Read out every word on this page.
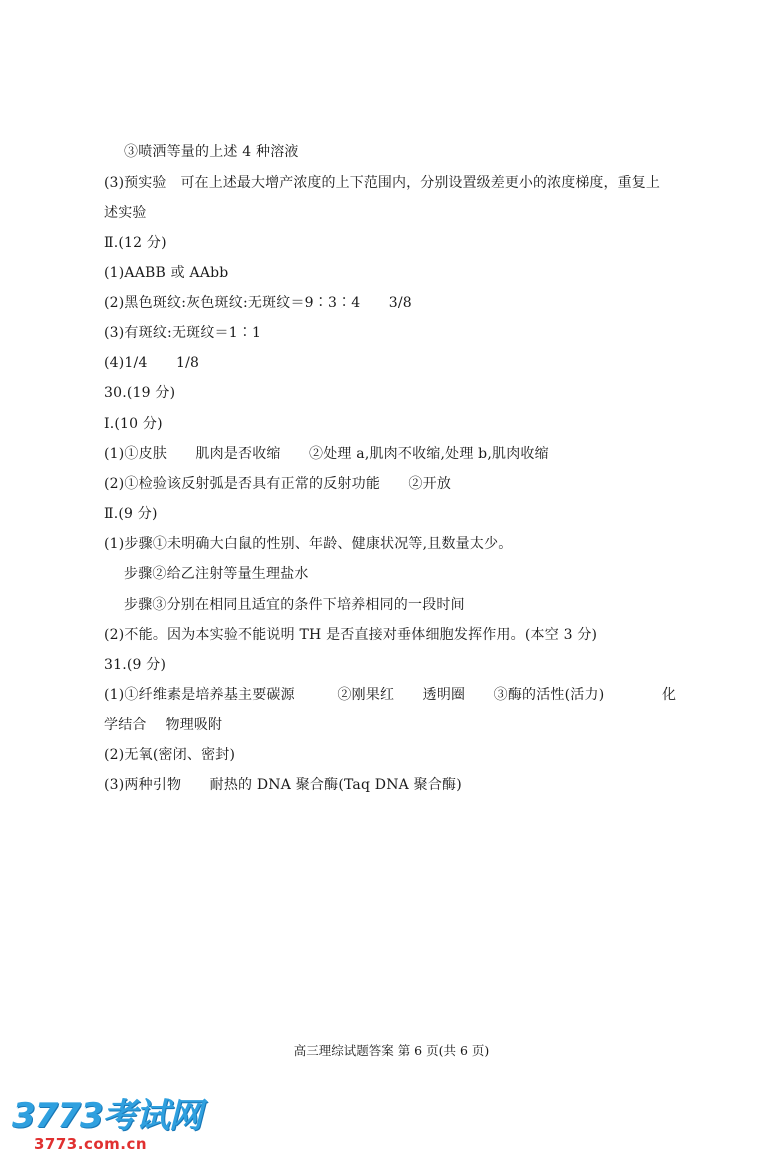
③喷洒等量的上述 4 种溶液
(3)预实验　可在上述最大增产浓度的上下范围内，分别设置级差更小的浓度梯度，重复上
述实验
Ⅱ.(12 分)
(1)AABB 或 AAbb
(2)黑色斑纹:灰色斑纹:无斑纹＝9∶3∶4　　3/8
(3)有斑纹:无斑纹＝1∶1
(4)1/4　　1/8
30.(19 分)
Ⅰ.(10 分)
(1)①皮肤　　肌肉是否收缩　　②处理 a,肌肉不收缩,处理 b,肌肉收缩
(2)①检验该反射弧是否具有正常的反射功能　　②开放
Ⅱ.(9 分)
(1)步骤①未明确大白鼠的性别、年龄、健康状况等,且数量太少。
步骤②给乙注射等量生理盐水
步骤③分别在相同且适宜的条件下培养相同的一段时间
(2)不能。因为本实验不能说明 TH 是否直接对垂体细胞发挥作用。(本空 3 分)
31.(9 分)
(1)①纤维素是培养基主要碳源　　　②刚果红　　透明圈　　③酶的活性(活力)	化
学结合　 物理吸附
(2)无氧(密闭、密封)
(3)两种引物　　耐热的 DNA 聚合酶(Taq DNA 聚合酶)
高三理综试题答案 第 6 页(共 6 页)
3773考试网
3773.com.cn
